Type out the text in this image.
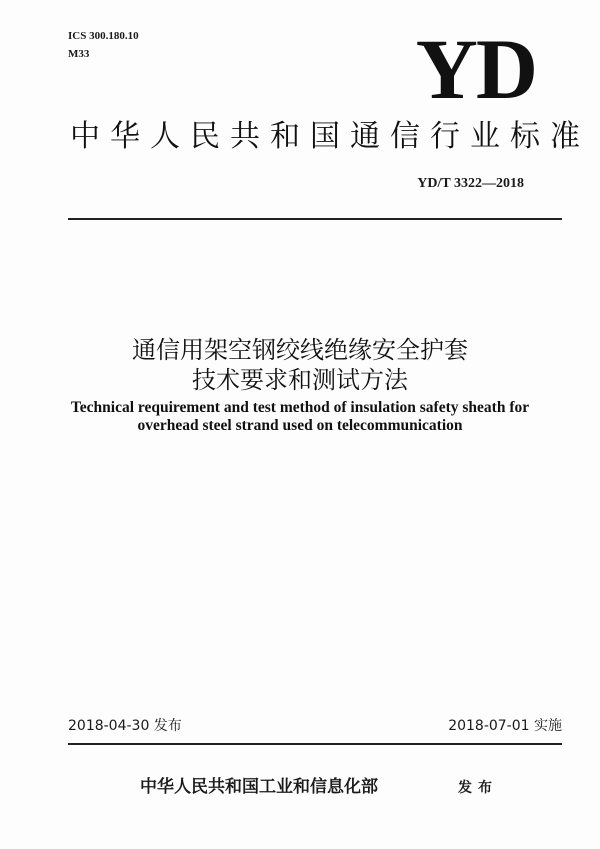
ICS 300.180.10
M33	YD
中华人民共和国通信行业标准
YD/T 3322—2018
通信用架空钢绞线绝缘安全护套
技术要求和测试方法
Technical requirement and test method of insulation safety sheath for
overhead steel strand used on telecommunication
2018-04-30 发布	2018-07-01 实施
中华人民共和国工业和信息化部	发布
